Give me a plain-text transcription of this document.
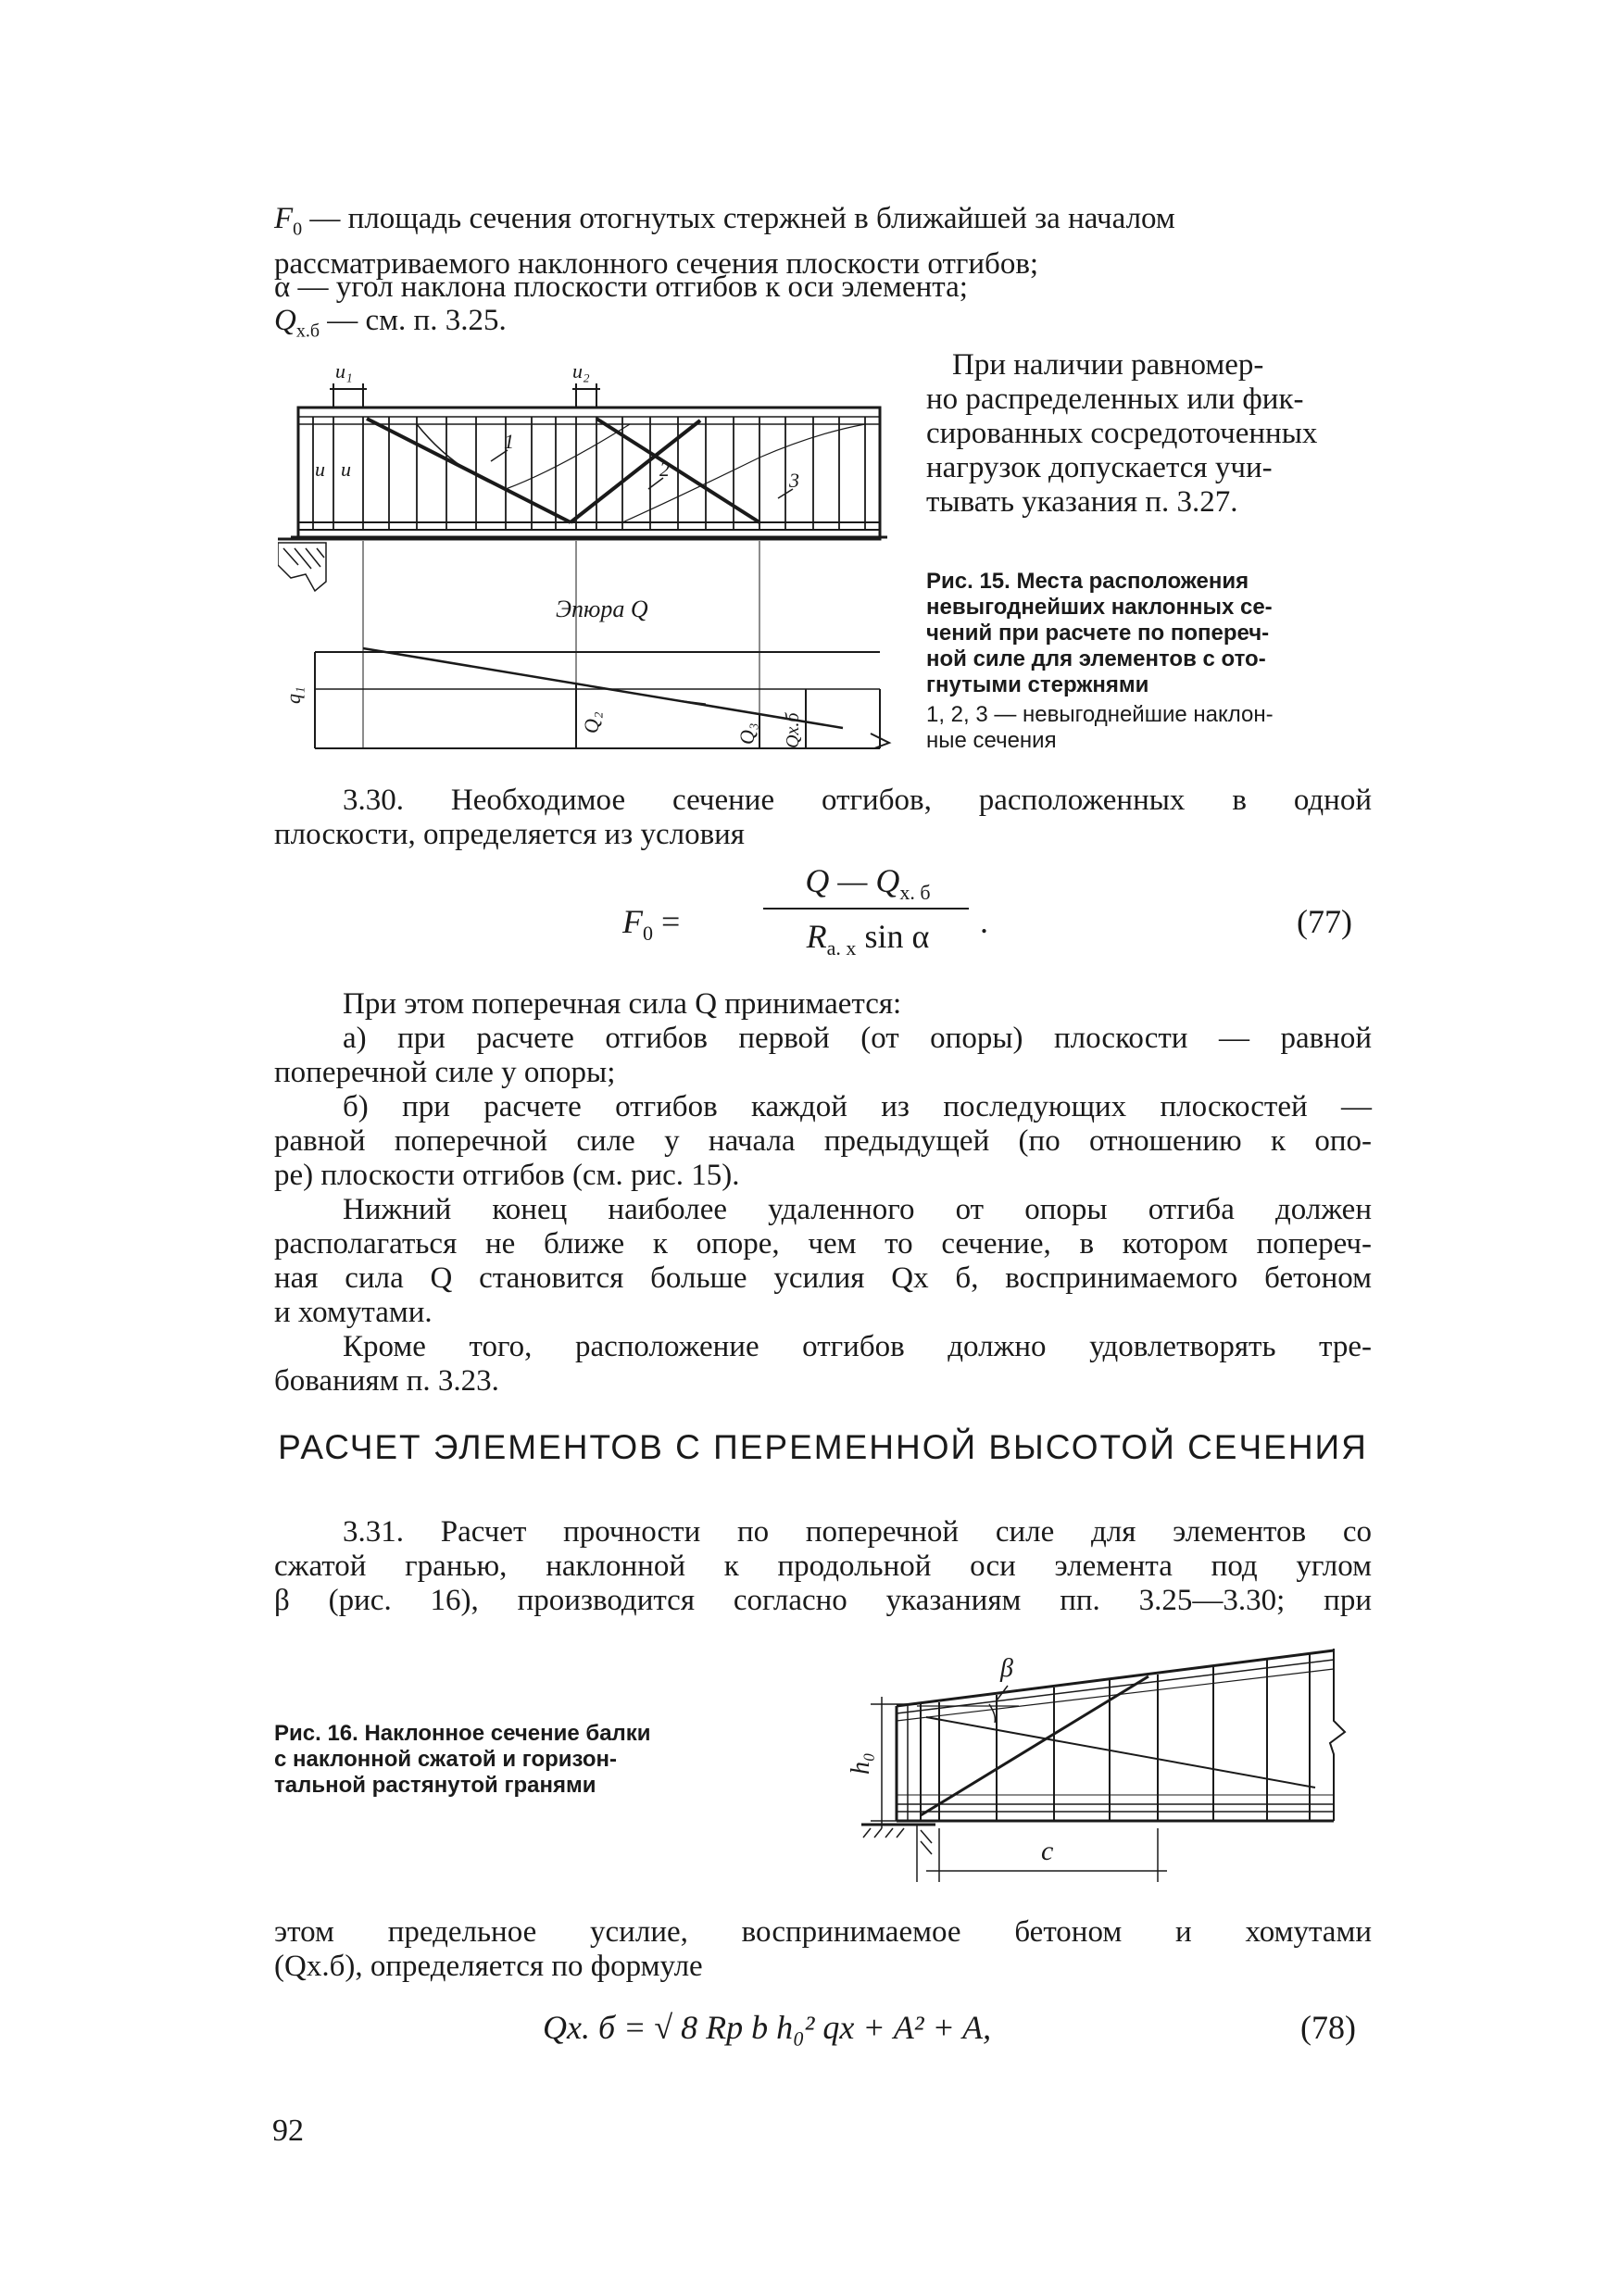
$F_0$ — площадь сечения отогнутых стержней в ближайшей за началом
рассматриваемого наклонного сечения плоскости отгибов;
α — угол наклона плоскости отгибов к оси элемента;
$Q_{х.б}$ — см. п. 3.25.
u₁	u₂
u u
1
2	3
Эпюра Q
q₁
Q₂
Q₃ Qх.б
При наличии равномер-
но распределенных или фик-
сированных сосредоточенных
нагрузок допускается учи-
тывать указания п. 3.27.
Рис. 15. Места расположения
невыгоднейших наклонных се-
чений при расчете по попереч-
ной силе для элементов с ото-
гнутыми стержнями
1, 2, 3 — невыгоднейшие наклон-
ные сечения
3.30. Необходимое сечение отгибов, расположенных в одной
плоскости, определяется из условия
$F_0$ =
Q — $Q_{х. б}$
$R_{а. х}$ sin α	.	(77)
При этом поперечная сила Q принимается:
а) при расчете отгибов первой (от опоры) плоскости — равной
поперечной силе у опоры;
б) при расчете отгибов каждой из последующих плоскостей —
равной поперечной силе у начала предыдущей (по отношению к опо-
ре) плоскости отгибов (см. рис. 15).
Нижний конец наиболее удаленного от опоры отгиба должен
располагаться не ближе к опоре, чем то сечение, в котором попереч-
ная сила Q становится больше усилия Qх б, воспринимаемого бетоном
и хомутами.
Кроме того, расположение отгибов должно удовлетворять тре-
бованиям п. 3.23.
РАСЧЕТ ЭЛЕМЕНТОВ С ПЕРЕМЕННОЙ ВЫСОТОЙ СЕЧЕНИЯ
3.31. Расчет прочности по поперечной силе для элементов со
сжатой гранью, наклонной к продольной оси элемента под углом
β (рис. 16), производится согласно указаниям пп. 3.25—3.30; при
Рис. 16. Наклонное сечение балки
с наклонной сжатой и горизон-
тальной растянутой гранями
β
h₀
c
этом предельное усилие, воспринимаемое бетоном и хомутами
(Qх.б), определяется по формуле
Qх. б = √ 8 Rр b h₀² qх + A² + A,	(78)
92
